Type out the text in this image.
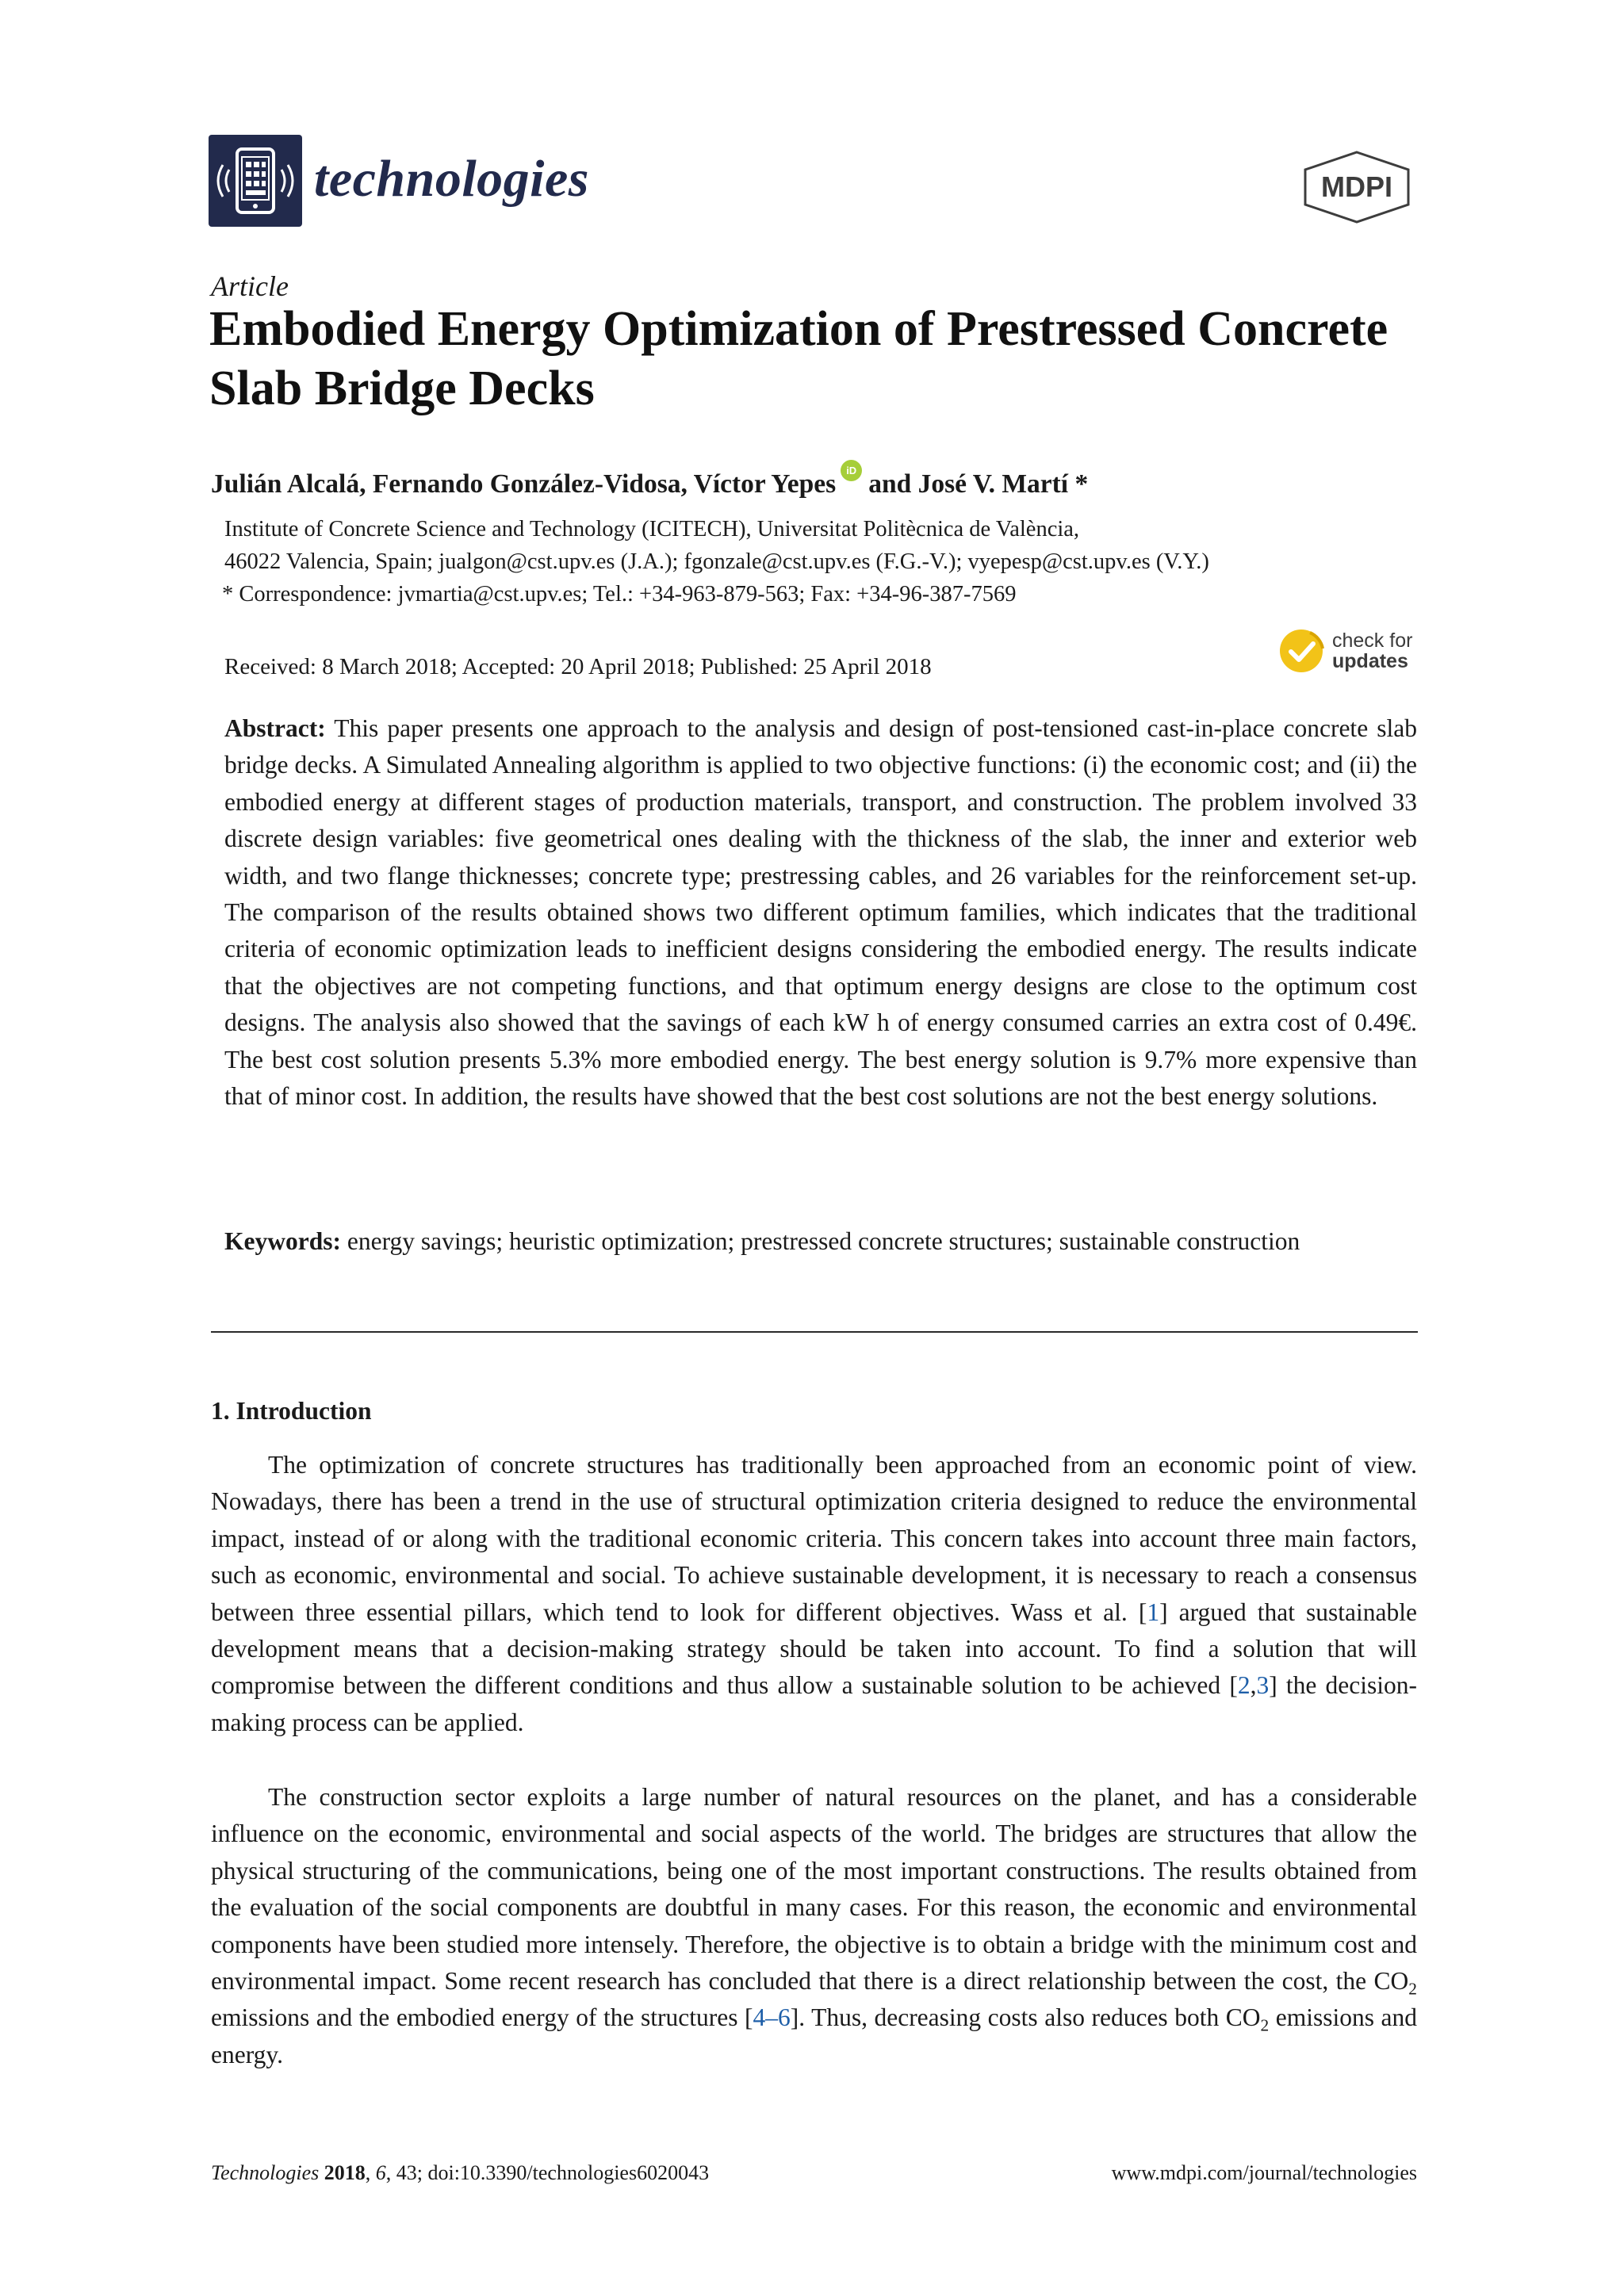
technologies	MDPI
Article
Embodied Energy Optimization of Prestressed Concrete Slab Bridge Decks
Julián Alcalá, Fernando González-Vidosa, Víctor Yepes	iD and José V. Martí *
Institute of Concrete Science and Technology (ICITECH), Universitat Politècnica de València,
46022 Valencia, Spain; jualgon@cst.upv.es (J.A.); fgonzale@cst.upv.es (F.G.-V.); vyepesp@cst.upv.es (V.Y.)
* Correspondence: jvmartia@cst.upv.es; Tel.: +34-963-879-563; Fax: +34-96-387-7569
Received: 8 March 2018; Accepted: 20 April 2018; Published: 25 April 2018
check for
updates
Abstract: This paper presents one approach to the analysis and design of post-tensioned cast-in-place concrete slab bridge decks. A Simulated Annealing algorithm is applied to two objective functions: (i) the economic cost; and (ii) the embodied energy at different stages of production materials, transport, and construction. The problem involved 33 discrete design variables: five geometrical ones dealing with the thickness of the slab, the inner and exterior web width, and two flange thicknesses; concrete type; prestressing cables, and 26 variables for the reinforcement set-up. The comparison of the results obtained shows two different optimum families, which indicates that the traditional criteria of economic optimization leads to inefficient designs considering the embodied energy. The results indicate that the objectives are not competing functions, and that optimum energy designs are close to the optimum cost designs. The analysis also showed that the savings of each kW h of energy consumed carries an extra cost of 0.49€. The best cost solution presents 5.3% more embodied energy. The best energy solution is 9.7% more expensive than that of minor cost. In addition, the results have showed that the best cost solutions are not the best energy solutions.
Keywords: energy savings; heuristic optimization; prestressed concrete structures; sustainable construction
1. Introduction
The optimization of concrete structures has traditionally been approached from an economic point of view. Nowadays, there has been a trend in the use of structural optimization criteria designed to reduce the environmental impact, instead of or along with the traditional economic criteria. This concern takes into account three main factors, such as economic, environmental and social. To achieve sustainable development, it is necessary to reach a consensus between three essential pillars, which tend to look for different objectives. Wass et al. [1] argued that sustainable development means that a decision-making strategy should be taken into account. To find a solution that will compromise between the different conditions and thus allow a sustainable solution to be achieved [2,3] the decision-making process can be applied.
The construction sector exploits a large number of natural resources on the planet, and has a considerable influence on the economic, environmental and social aspects of the world. The bridges are structures that allow the physical structuring of the communications, being one of the most important constructions. The results obtained from the evaluation of the social components are doubtful in many cases. For this reason, the economic and environmental components have been studied more intensely. Therefore, the objective is to obtain a bridge with the minimum cost and environmental impact. Some recent research has concluded that there is a direct relationship between the cost, the $CO_2$ emissions and the embodied energy of the structures [4–6]. Thus, decreasing costs also reduces both $CO_2$ emissions and energy.
Technologies 2018, 6, 43; doi:10.3390/technologies6020043	www.mdpi.com/journal/technologies
